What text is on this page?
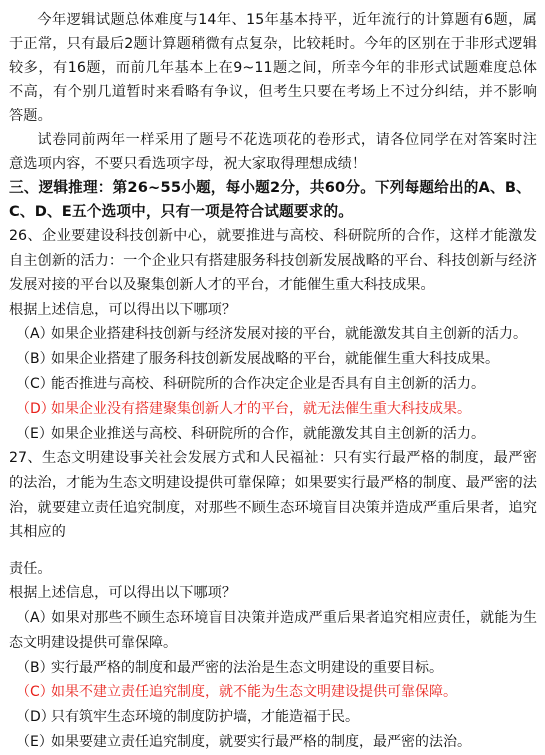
今年逻辑试题总体难度与14年、15年基本持平，近年流行的计算题有6题，属于正常，只有最后2题计算题稍微有点复杂，比较耗时。今年的区别在于非形式逻辑较多，有16题，而前几年基本上在9~11题之间，所幸今年的非形式试题难度总体不高，有个别几道暂时来看略有争议，但考生只要在考场上不过分纠结，并不影响答题。

试卷同前两年一样采用了题号不花选项花的卷形式，请各位同学在对答案时注意选项内容，不要只看选项字母，祝大家取得理想成绩！

三、逻辑推理：第26~55小题，每小题2分，共60分。下列每题给出的A、B、C、D、E五个选项中，只有一项是符合试题要求的。

26、企业要建设科技创新中心，就要推进与高校、科研院所的合作，这样才能激发自主创新的活力：一个企业只有搭建服务科技创新发展战略的平台、科技创新与经济发展对接的平台以及聚集创新人才的平台，才能催生重大科技成果。

根据上述信息，可以得出以下哪项？

（A）
如果企业搭建科技创新与经济发展对接的平台，就能激发其自主创新的活力。
（B）
如果企业搭建了服务科技创新发展战略的平台，就能催生重大科技成果。
（C）
能否推进与高校、科研院所的合作决定企业是否具有自主创新的活力。
（D）
如果企业没有搭建聚集创新人才的平台，就无法催生重大科技成果。
（E）
如果企业推送与高校、科研院所的合作，就能激发其自主创新的活力。

27、生态文明建设事关社会发展方式和人民福祉：只有实行最严格的制度，最严密的法治，才能为生态文明建设提供可靠保障；如果要实行最严格的制度、最严密的法治，就要建立责任追究制度，对那些不顾生态环境盲目决策并造成严重后果者，追究其相应的

责任。

根据上述信息，可以得出以下哪项？

（A）如果对那些不顾生态环境盲目决策并造成严重后果者追究相应责任，就能为生态文明建设提供可靠保障。
（B）
实行最严格的制度和最严密的法治是生态文明建设的重要目标。
（C）
如果不建立责任追究制度，就不能为生态文明建设提供可靠保障。
（D）
只有筑牢生态环境的制度防护墙，才能造福于民。
（E）
如果要建立责任追究制度，就要实行最严格的制度，最严密的法治。
